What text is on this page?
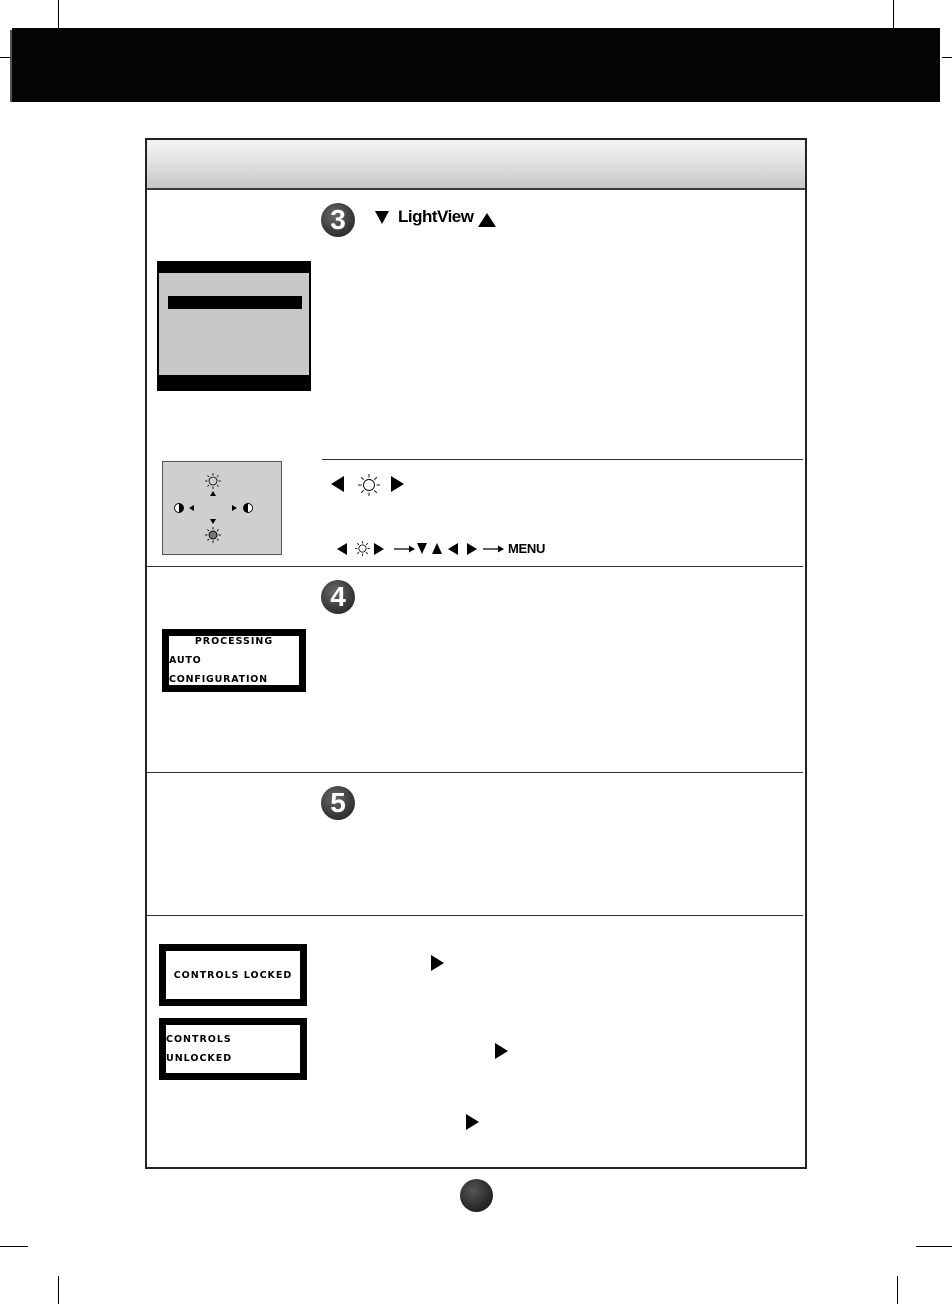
3	LightView
MENU
4
PROCESSING
AUTO CONFIGURATION
5
CONTROLS LOCKED
CONTROLS UNLOCKED
